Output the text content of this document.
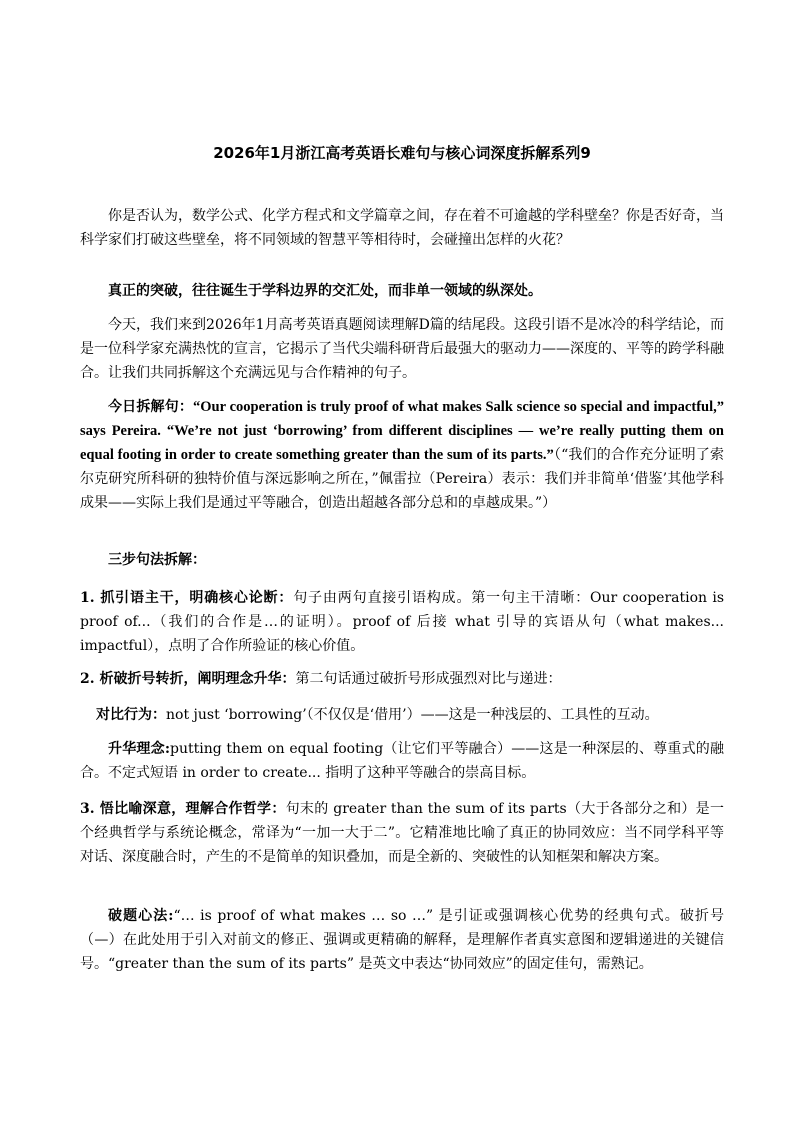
2026年1月浙江高考英语长难句与核心词深度拆解系列9

你是否认为，数学公式、化学方程式和文学篇章之间，存在着不可逾越的学科壁垒？你是否好奇，当科学家们打破这些壁垒，将不同领域的智慧平等相待时，会碰撞出怎样的火花？

真正的突破，往往诞生于学科边界的交汇处，而非单一领域的纵深处。

今天，我们来到2026年1月高考英语真题阅读理解D篇的结尾段。这段引语不是冰冷的科学结论，而是一位科学家充满热忱的宣言，它揭示了当代尖端科研背后最强大的驱动力——深度的、平等的跨学科融合。让我们共同拆解这个充满远见与合作精神的句子。

今日拆解句：“Our cooperation is truly proof of what makes Salk science so special and impactful,” says Pereira. “We’re not just ‘borrowing’ from different disciplines — we’re really putting them on equal footing in order to create something greater than the sum of its parts.”（“我们的合作充分证明了索尔克研究所科研的独特价值与深远影响之所在，”佩雷拉（Pereira）表示：我们并非简单‘借鉴’其他学科成果——实际上我们是通过平等融合，创造出超越各部分总和的卓越成果。”）

三步句法拆解：

1. 抓引语主干，明确核心论断：句子由两句直接引语构成。第一句主干清晰：Our cooperation is proof of...（我们的合作是…的证明）。proof of 后接 what 引导的宾语从句（what makes... impactful），点明了合作所验证的核心价值。

2. 析破折号转折，阐明理念升华：第二句话通过破折号形成强烈对比与递进：

对比行为：not just ‘borrowing’（不仅仅是‘借用’）——这是一种浅层的、工具性的互动。

升华理念:putting them on equal footing（让它们平等融合）——这是一种深层的、尊重式的融合。不定式短语 in order to create... 指明了这种平等融合的崇高目标。

3. 悟比喻深意，理解合作哲学：句末的 greater than the sum of its parts（大于各部分之和）是一个经典哲学与系统论概念，常译为“一加一大于二”。它精准地比喻了真正的协同效应：当不同学科平等对话、深度融合时，产生的不是简单的知识叠加，而是全新的、突破性的认知框架和解决方案。

破题心法:“… is proof of what makes … so …” 是引证或强调核心优势的经典句式。破折号（—）在此处用于引入对前文的修正、强调或更精确的解释，是理解作者真实意图和逻辑递进的关键信号。“greater than the sum of its parts” 是英文中表达“协同效应”的固定佳句，需熟记。
